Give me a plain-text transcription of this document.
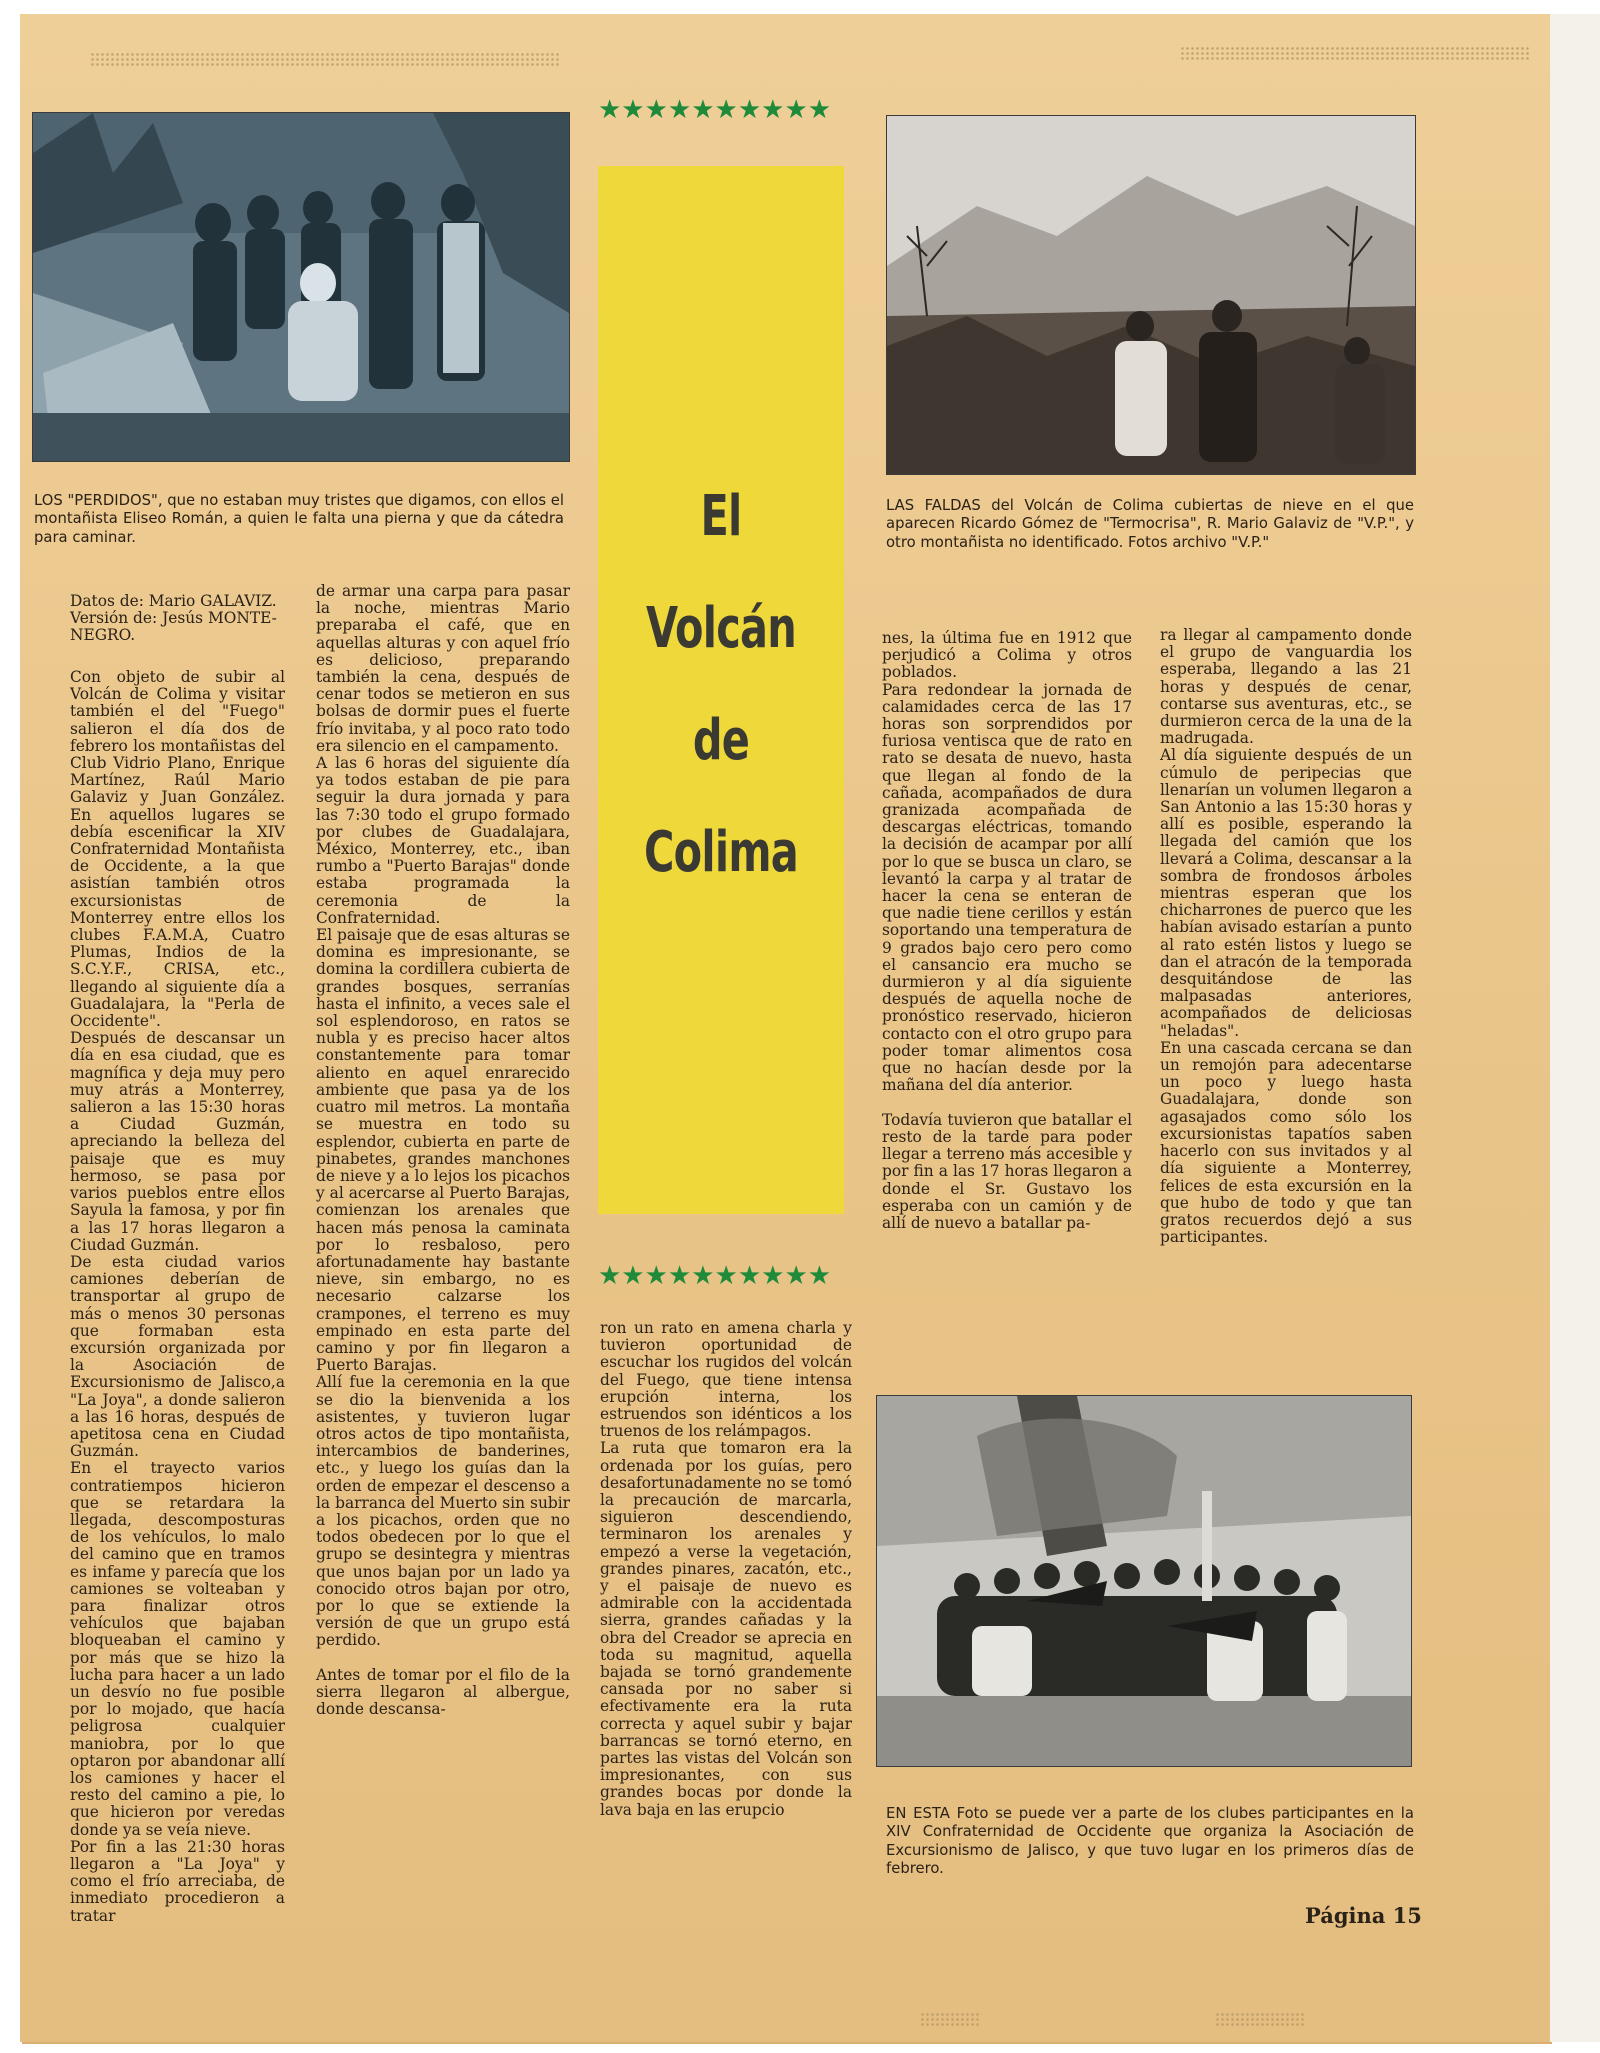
LOS "PERDIDOS", que no estaban muy tristes que digamos, con ellos el montañista Eliseo Román, a quien le falta una pierna y que da cátedra para caminar.
LAS FALDAS del Volcán de Colima cubiertas de nieve en el que aparecen Ricardo Gómez de "Termocrisa", R. Mario Galaviz de "V.P.", y otro montañista no identificado. Fotos archivo "V.P."
EN ESTA Foto se puede ver a parte de los clubes participantes en la XIV Confraternidad de Occidente que organiza la Asociación de Excursionismo de Jalisco, y que tuvo lugar en los primeros días de febrero.
★★★★★★★★★★
El
Volcán
de
Colima
★★★★★★★★★★
Datos de: Mario GALAVIZ.
Versión de: Jesús MONTE-
NEGRO.
Con objeto de subir al Volcán de Colima y visitar también el del "Fuego" salieron el día dos de febrero los montañistas del Club Vidrio Plano, Enrique Martínez, Raúl Mario Galaviz y Juan González. En aquellos lugares se debía escenificar la XIV Confraternidad Montañista de Occidente, a la que asistían también otros excursionistas de Monterrey entre ellos los clubes F.A.M.A, Cuatro Plumas, Indios de la S.C.Y.F., CRISA, etc., llegando al siguiente día a Guadalajara, la "Perla de Occidente".
Después de descansar un día en esa ciudad, que es magnífica y deja muy pero muy atrás a Monterrey, salieron a las 15:30 horas a Ciudad Guzmán, apreciando la belleza del paisaje que es muy hermoso, se pasa por varios pueblos entre ellos Sayula la famosa, y por fin a las 17 horas llegaron a Ciudad Guzmán.
De esta ciudad varios camiones deberían de transportar al grupo de más o menos 30 personas que formaban esta excursión organizada por la Asociación de Excursionismo de Jalisco,a "La Joya", a donde salieron a las 16 horas, después de apetitosa cena en Ciudad Guzmán.
En el trayecto varios contratiempos hicieron que se retardara la llegada, descomposturas de los vehículos, lo malo del camino que en tramos es infame y parecía que los camiones se volteaban y para finalizar otros vehículos que bajaban bloqueaban el camino y por más que se hizo la lucha para hacer a un lado un desvío no fue posible por lo mojado, que hacía peligrosa cualquier maniobra, por lo que optaron por abandonar allí los camiones y hacer el resto del camino a pie, lo que hicieron por veredas donde ya se veía nieve.
Por fin a las 21:30 horas llegaron a "La Joya" y como el frío arreciaba, de inmediato procedieron a tratar
de armar una carpa para pasar la noche, mientras Mario preparaba el café, que en aquellas alturas y con aquel frío es delicioso, preparando también la cena, después de cenar todos se metieron en sus bolsas de dormir pues el fuerte frío invitaba, y al poco rato todo era silencio en el campamento.
A las 6 horas del siguiente día ya todos estaban de pie para seguir la dura jornada y para las 7:30 todo el grupo formado por clubes de Guadalajara, México, Monterrey, etc., iban rumbo a "Puerto Barajas" donde estaba programada la ceremonia de la Confraternidad.
El paisaje que de esas alturas se domina es impresionante, se domina la cordillera cubierta de grandes bosques, serranías hasta el infinito, a veces sale el sol esplendoroso, en ratos se nubla y es preciso hacer altos constantemente para tomar aliento en aquel enrarecido ambiente que pasa ya de los cuatro mil metros. La montaña se muestra en todo su esplendor, cubierta en parte de pinabetes, grandes manchones de nieve y a lo lejos los picachos y al acercarse al Puerto Barajas, comienzan los arenales que hacen más penosa la caminata por lo resbaloso, pero afortunadamente hay bastante nieve, sin embargo, no es necesario calzarse los crampones, el terreno es muy empinado en esta parte del camino y por fin llegaron a Puerto Barajas.
Allí fue la ceremonia en la que se dio la bienvenida a los asistentes, y tuvieron lugar otros actos de tipo montañista, intercambios de banderines, etc., y luego los guías dan la orden de empezar el descenso a la barranca del Muerto sin subir a los picachos, orden que no todos obedecen por lo que el grupo se desintegra y mientras que unos bajan por un lado ya conocido otros bajan por otro, por lo que se extiende la versión de que un grupo está perdido.

Antes de tomar por el filo de la sierra llegaron al albergue, donde descansa-
ron un rato en amena charla y tuvieron oportunidad de escuchar los rugidos del volcán del Fuego, que tiene intensa erupción interna, los estruendos son idénticos a los truenos de los relámpagos.
La ruta que tomaron era la ordenada por los guías, pero desafortunadamente no se tomó la precaución de marcarla, siguieron descendiendo, terminaron los arenales y empezó a verse la vegetación, grandes pinares, zacatón, etc., y el paisaje de nuevo es admirable con la accidentada sierra, grandes cañadas y la obra del Creador se aprecia en toda su magnitud, aquella bajada se tornó grandemente cansada por no saber si efectivamente era la ruta correcta y aquel subir y bajar barrancas se tornó eterno, en partes las vistas del Volcán son impresionantes, con sus grandes bocas por donde la lava baja en las erupcio
nes, la última fue en 1912 que perjudicó a Colima y otros poblados.
Para redondear la jornada de calamidades cerca de las 17 horas son sorprendidos por furiosa ventisca que de rato en rato se desata de nuevo, hasta que llegan al fondo de la cañada, acompañados de dura granizada acompañada de descargas eléctricas, tomando la decisión de acampar por allí por lo que se busca un claro, se levantó la carpa y al tratar de hacer la cena se enteran de que nadie tiene cerillos y están soportando una temperatura de 9 grados bajo cero pero como el cansancio era mucho se durmieron y al día siguiente después de aquella noche de pronóstico reservado, hicieron contacto con el otro grupo para poder tomar alimentos cosa que no hacían desde por la mañana del día anterior.

Todavía tuvieron que batallar el resto de la tarde para poder llegar a terreno más accesible y por fin a las 17 horas llegaron a donde el Sr. Gustavo los esperaba con un camión y de allí de nuevo a batallar pa-
ra llegar al campamento donde el grupo de vanguardia los esperaba, llegando a las 21 horas y después de cenar, contarse sus aventuras, etc., se durmieron cerca de la una de la madrugada.
Al día siguiente después de un cúmulo de peripecias que llenarían un volumen llegaron a San Antonio a las 15:30 horas y allí es posible, esperando la llegada del camión que los llevará a Colima, descansar a la sombra de frondosos árboles mientras esperan que los chicharrones de puerco que les habían avisado estarían a punto al rato estén listos y luego se dan el atracón de la temporada desquitándose de las malpasadas anteriores, acompañados de deliciosas "heladas".
En una cascada cercana se dan un remojón para adecentarse un poco y luego hasta Guadalajara, donde son agasajados como sólo los excursionistas tapatíos saben hacerlo con sus invitados y al día siguiente a Monterrey, felices de esta excursión en la que hubo de todo y que tan gratos recuerdos dejó a sus participantes.
Página 15
